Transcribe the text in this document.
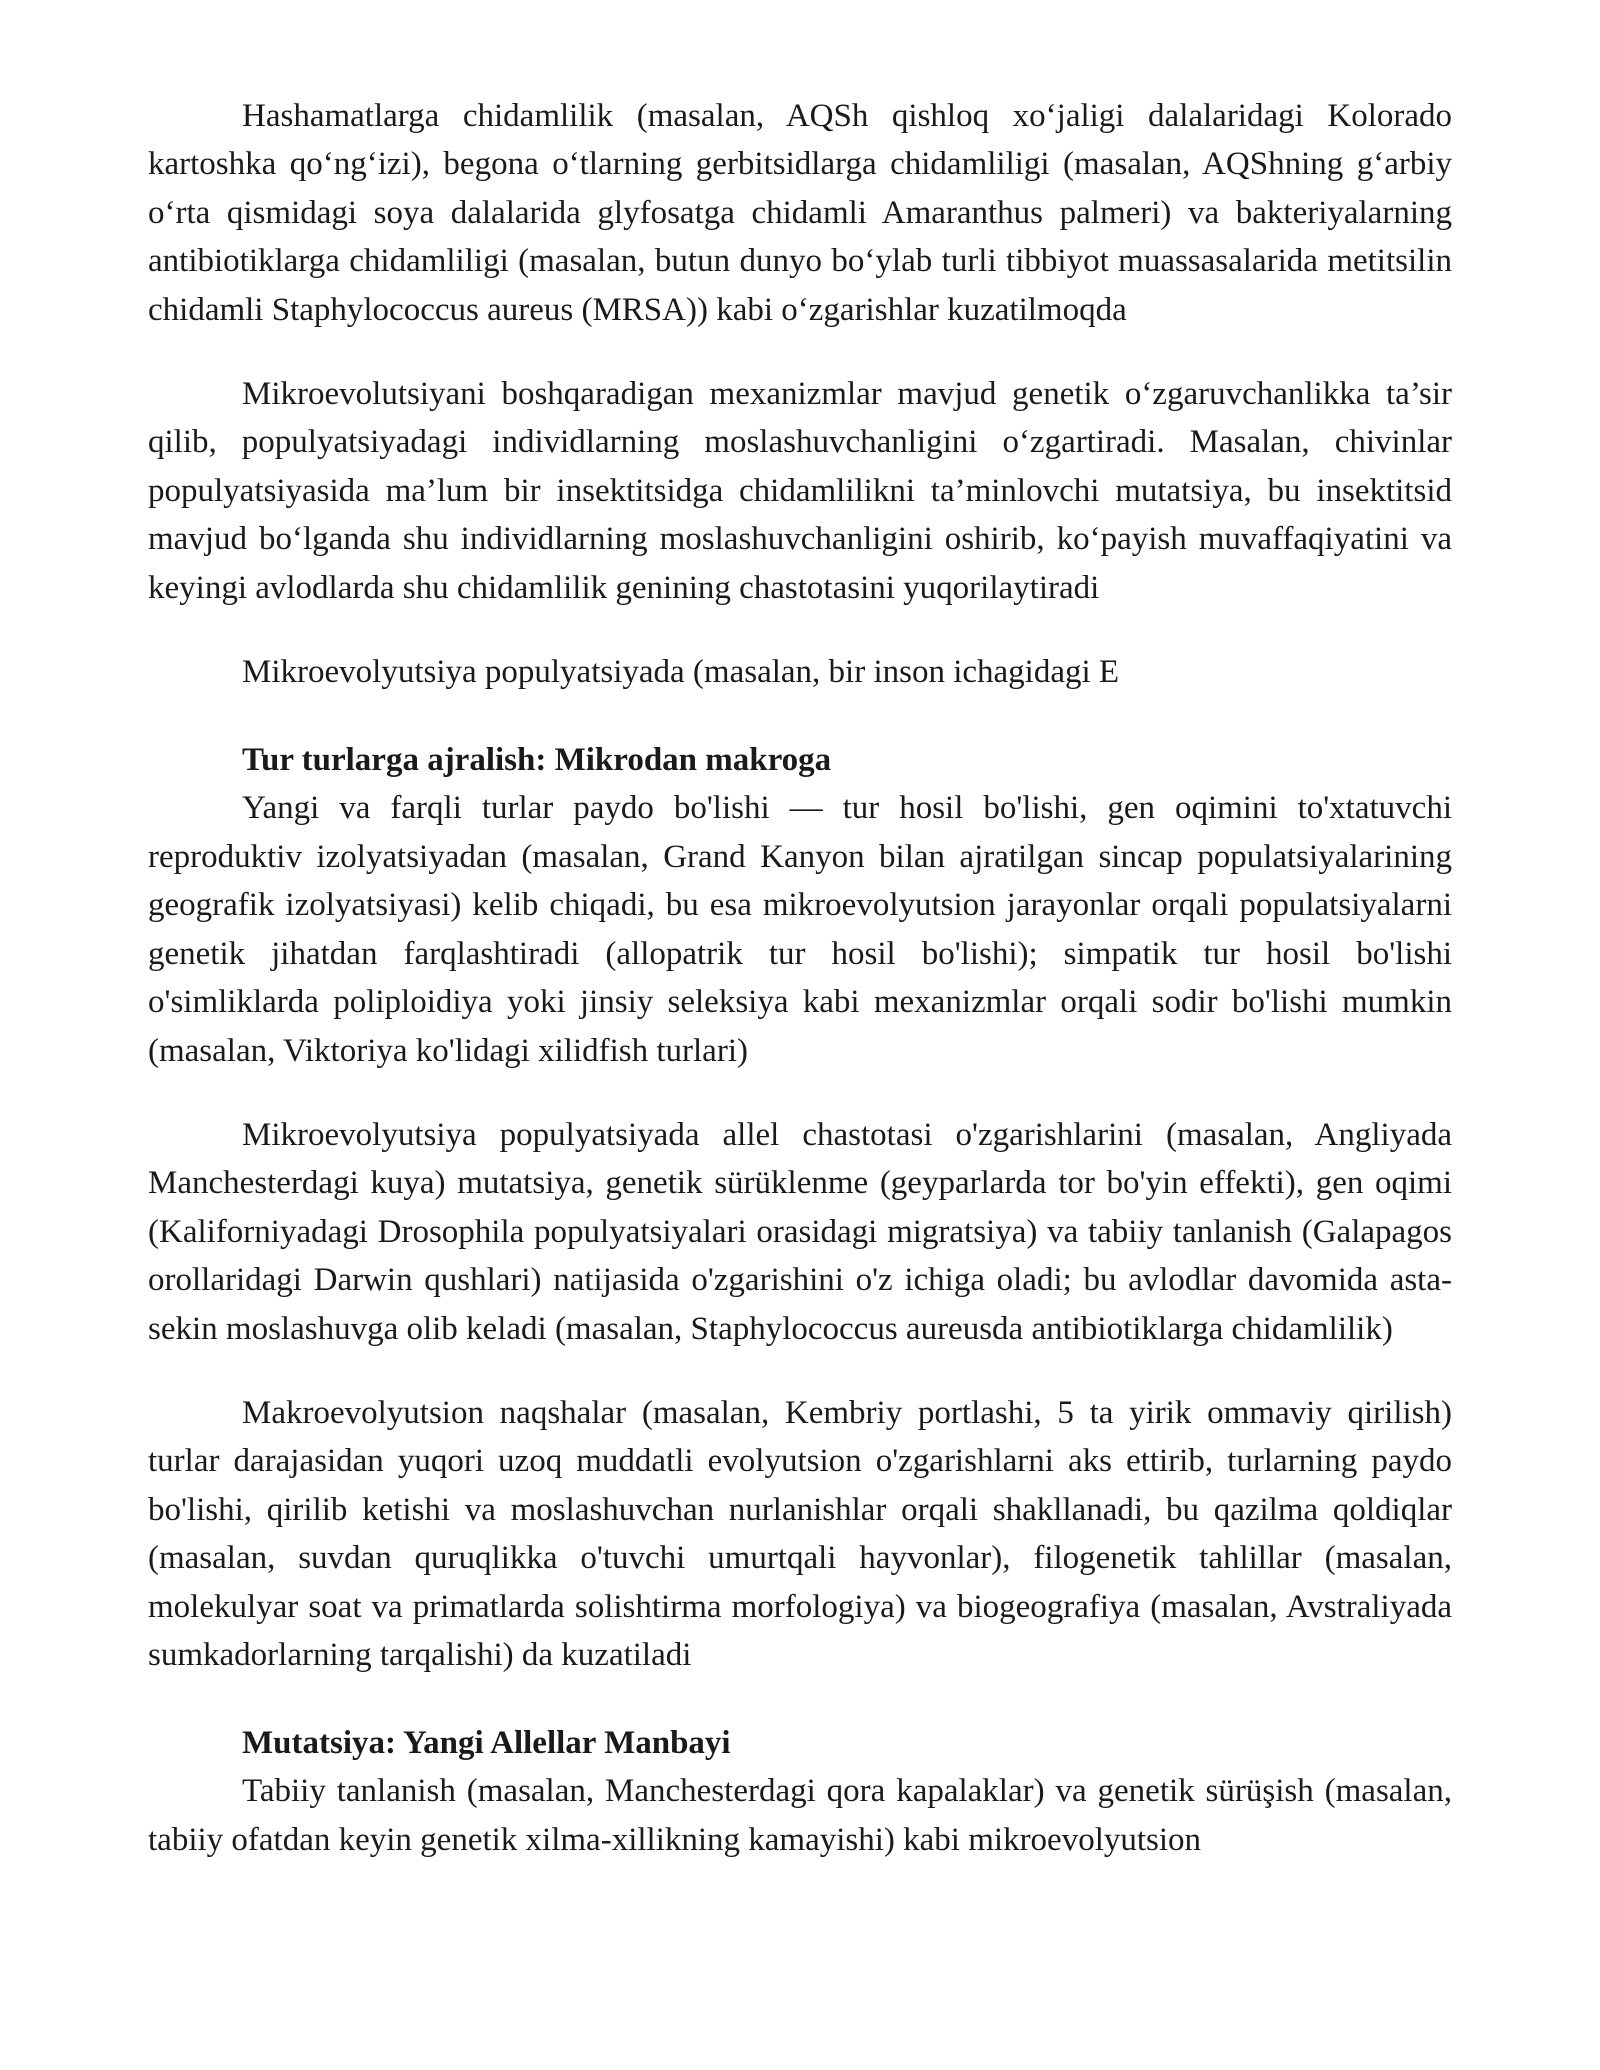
Hashamatlarga chidamlilik (masalan, AQSh qishloq xo‘jaligi dalalaridagi Kolorado kartoshka qo‘ng‘izi), begona o‘tlarning gerbitsidlarga chidamliligi (masalan, AQShning g‘arbiy o‘rta qismidagi soya dalalarida glyfosatga chidamli Amaranthus palmeri) va bakteriyalarning antibiotiklarga chidamliligi (masalan, butun dunyo bo‘ylab turli tibbiyot muassasalarida metitsilin chidamli Staphylococcus aureus (MRSA)) kabi o‘zgarishlar kuzatilmoqda

Mikroevolutsiyani boshqaradigan mexanizmlar mavjud genetik o‘zgaruvchanlikka ta’sir qilib, populyatsiyadagi individlarning moslashuvchanligini o‘zgartiradi. Masalan, chivinlar populyatsiyasida ma’lum bir insektitsidga chidamlilikni ta’minlovchi mutatsiya, bu insektitsid mavjud bo‘lganda shu individlarning moslashuvchanligini oshirib, ko‘payish muvaffaqiyatini va keyingi avlodlarda shu chidamlilik genining chastotasini yuqorilaytiradi

Mikroevolyutsiya populyatsiyada (masalan, bir inson ichagidagi E

Tur turlarga ajralish: Mikrodan makroga

Yangi va farqli turlar paydo bo'lishi — tur hosil bo'lishi, gen oqimini to'xtatuvchi reproduktiv izolyatsiyadan (masalan, Grand Kanyon bilan ajratilgan sincap populatsiyalarining geografik izolyatsiyasi) kelib chiqadi, bu esa mikroevolyutsion jarayonlar orqali populatsiyalarni genetik jihatdan farqlashtiradi (allopatrik tur hosil bo'lishi); simpatik tur hosil bo'lishi o'simliklarda poliploidiya yoki jinsiy seleksiya kabi mexanizmlar orqali sodir bo'lishi mumkin (masalan, Viktoriya ko'lidagi xilidfish turlari)

Mikroevolyutsiya populyatsiyada allel chastotasi o'zgarishlarini (masalan, Angliyada Manchesterdagi kuya) mutatsiya, genetik sürüklenme (geyparlarda tor bo'yin effekti), gen oqimi (Kaliforniyadagi Drosophila populyatsiyalari orasidagi migratsiya) va tabiiy tanlanish (Galapagos orollaridagi Darwin qushlari) natijasida o'zgarishini o'z ichiga oladi; bu avlodlar davomida asta-sekin moslashuvga olib keladi (masalan, Staphylococcus aureusda antibiotiklarga chidamlilik)

Makroevolyutsion naqshalar (masalan, Kembriy portlashi, 5 ta yirik ommaviy qirilish) turlar darajasidan yuqori uzoq muddatli evolyutsion o'zgarishlarni aks ettirib, turlarning paydo bo'lishi, qirilib ketishi va moslashuvchan nurlanishlar orqali shakllanadi, bu qazilma qoldiqlar (masalan, suvdan quruqlikka o'tuvchi umurtqali hayvonlar), filogenetik tahlillar (masalan, molekulyar soat va primatlarda solishtirma morfologiya) va biogeografiya (masalan, Avstraliyada sumkadorlarning tarqalishi) da kuzatiladi

Mutatsiya: Yangi Allellar Manbayi

Tabiiy tanlanish (masalan, Manchesterdagi qora kapalaklar) va genetik sürüşish (masalan, tabiiy ofatdan keyin genetik xilma-xillikning kamayishi) kabi mikroevolyutsion
